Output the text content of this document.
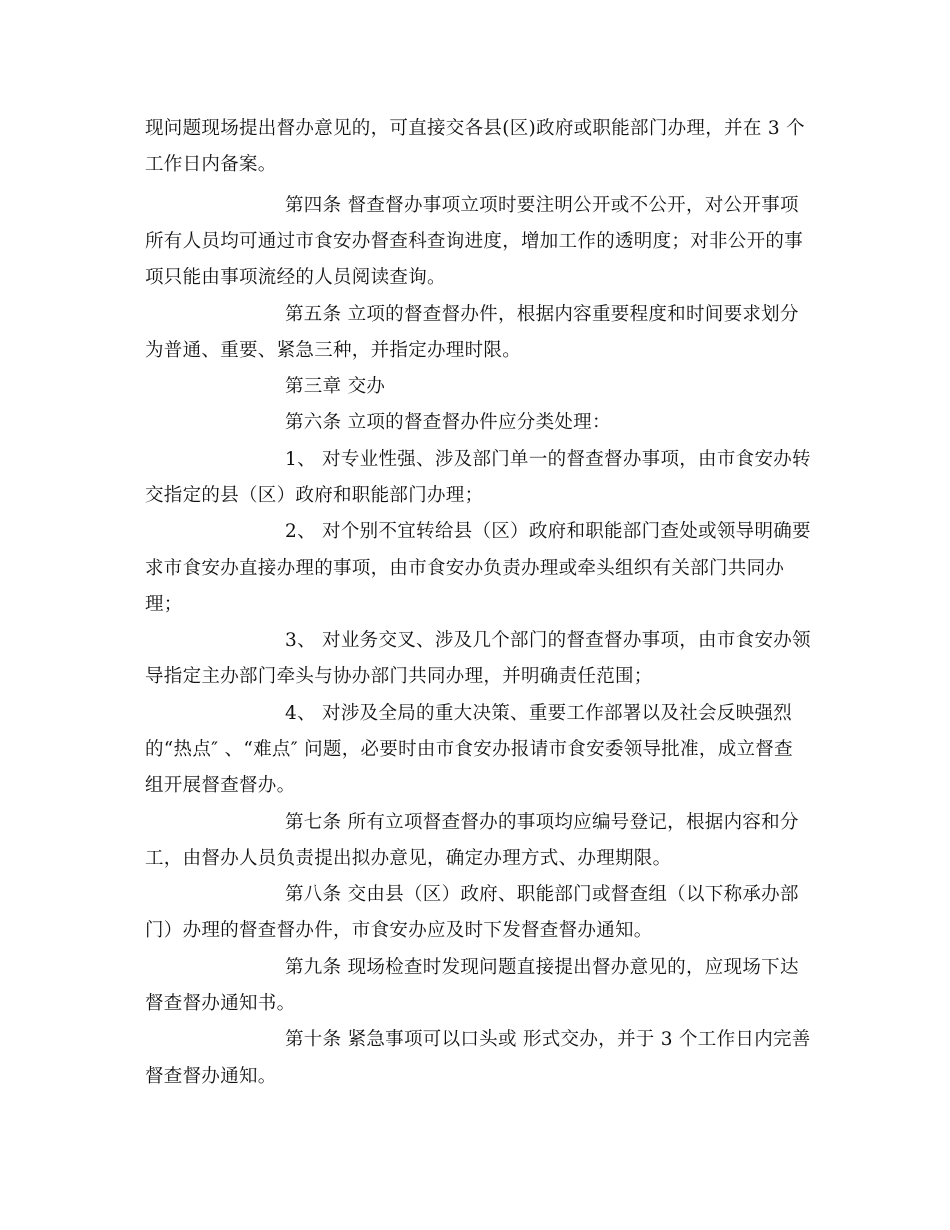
现问题现场提出督办意见的，可直接交各县(区)政府或职能部门办理，并在 3 个
工作日内备案。
第四条 督查督办事项立项时要注明公开或不公开，对公开事项
所有人员均可通过市食安办督查科查询进度，增加工作的透明度；对非公开的事
项只能由事项流经的人员阅读查询。
第五条 立项的督查督办件，根据内容重要程度和时间要求划分
为普通、重要、紧急三种，并指定办理时限。
第三章 交办
第六条 立项的督查督办件应分类处理：
1、 对专业性强、涉及部门单一的督查督办事项，由市食安办转
交指定的县（区）政府和职能部门办理；
2、 对个别不宜转给县（区）政府和职能部门查处或领导明确要
求市食安办直接办理的事项，由市食安办负责办理或牵头组织有关部门共同办
理；
3、 对业务交叉、涉及几个部门的督查督办事项，由市食安办领
导指定主办部门牵头与协办部门共同办理，并明确责任范围；
4、 对涉及全局的重大决策、重要工作部署以及社会反映强烈
的“热点″ 、“难点″ 问题，必要时由市食安办报请市食安委领导批准，成立督查
组开展督查督办。
第七条 所有立项督查督办的事项均应编号登记，根据内容和分
工，由督办人员负责提出拟办意见，确定办理方式、办理期限。
第八条 交由县（区）政府、职能部门或督查组（以下称承办部
门）办理的督查督办件，市食安办应及时下发督查督办通知。
第九条 现场检查时发现问题直接提出督办意见的，应现场下达
督查督办通知书。
第十条 紧急事项可以口头或 形式交办，并于 3 个工作日内完善
督查督办通知。
